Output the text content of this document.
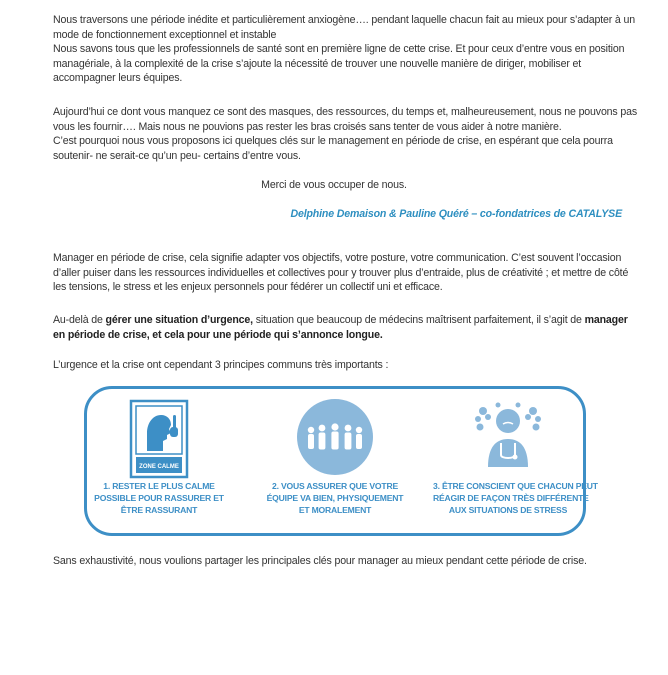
Nous traversons une période inédite et particulièrement anxiogène…. pendant laquelle chacun fait au mieux pour s’adapter à un
mode de fonctionnement exceptionnel et instable
Nous savons tous que les professionnels de santé sont en première ligne de cette crise. Et pour ceux d’entre vous en position
managériale, à la complexité de la crise s’ajoute la nécessité de trouver une nouvelle manière de diriger, mobiliser et
accompagner leurs équipes.
Aujourd’hui ce dont vous manquez ce sont des masques, des ressources, du temps et, malheureusement, nous ne pouvons pas
vous les fournir…. Mais nous ne pouvions pas rester les bras croisés sans tenter de vous aider à notre manière.
C’est pourquoi nous vous proposons ici quelques clés sur le management en période de crise, en espérant que cela pourra
soutenir- ne serait-ce qu’un peu- certains d’entre vous.
Merci de vous occuper de nous.
Delphine Demaison & Pauline Quéré – co-fondatrices de CATALYSE
Manager en période de crise, cela signifie adapter vos objectifs, votre posture, votre communication. C’est souvent l’occasion
d’aller puiser dans les ressources individuelles et collectives pour y trouver plus d’entraide, plus de créativité ; et mettre de côté
les tensions, le stress et les enjeux personnels pour fédérer un collectif uni et efficace.
Au-delà de gérer une situation d’urgence, situation que beaucoup de médecins maîtrisent parfaitement, il s’agit de manager
en période de crise, et cela pour une période qui s’annonce longue.
L’urgence et la crise ont cependant 3 principes communs très importants :
ZONE CALME
1. RESTER LE PLUS CALME
POSSIBLE POUR RASSURER ET
ÊTRE RASSURANT
2. VOUS ASSURER QUE VOTRE
ÉQUIPE VA BIEN, PHYSIQUEMENT
ET MORALEMENT
3. ÊTRE CONSCIENT QUE CHACUN PEUT
RÉAGIR DE FAÇON TRÈS DIFFÉRENTE
AUX SITUATIONS DE STRESS
Sans exhaustivité, nous voulions partager les principales clés pour manager au mieux pendant cette période de crise.
